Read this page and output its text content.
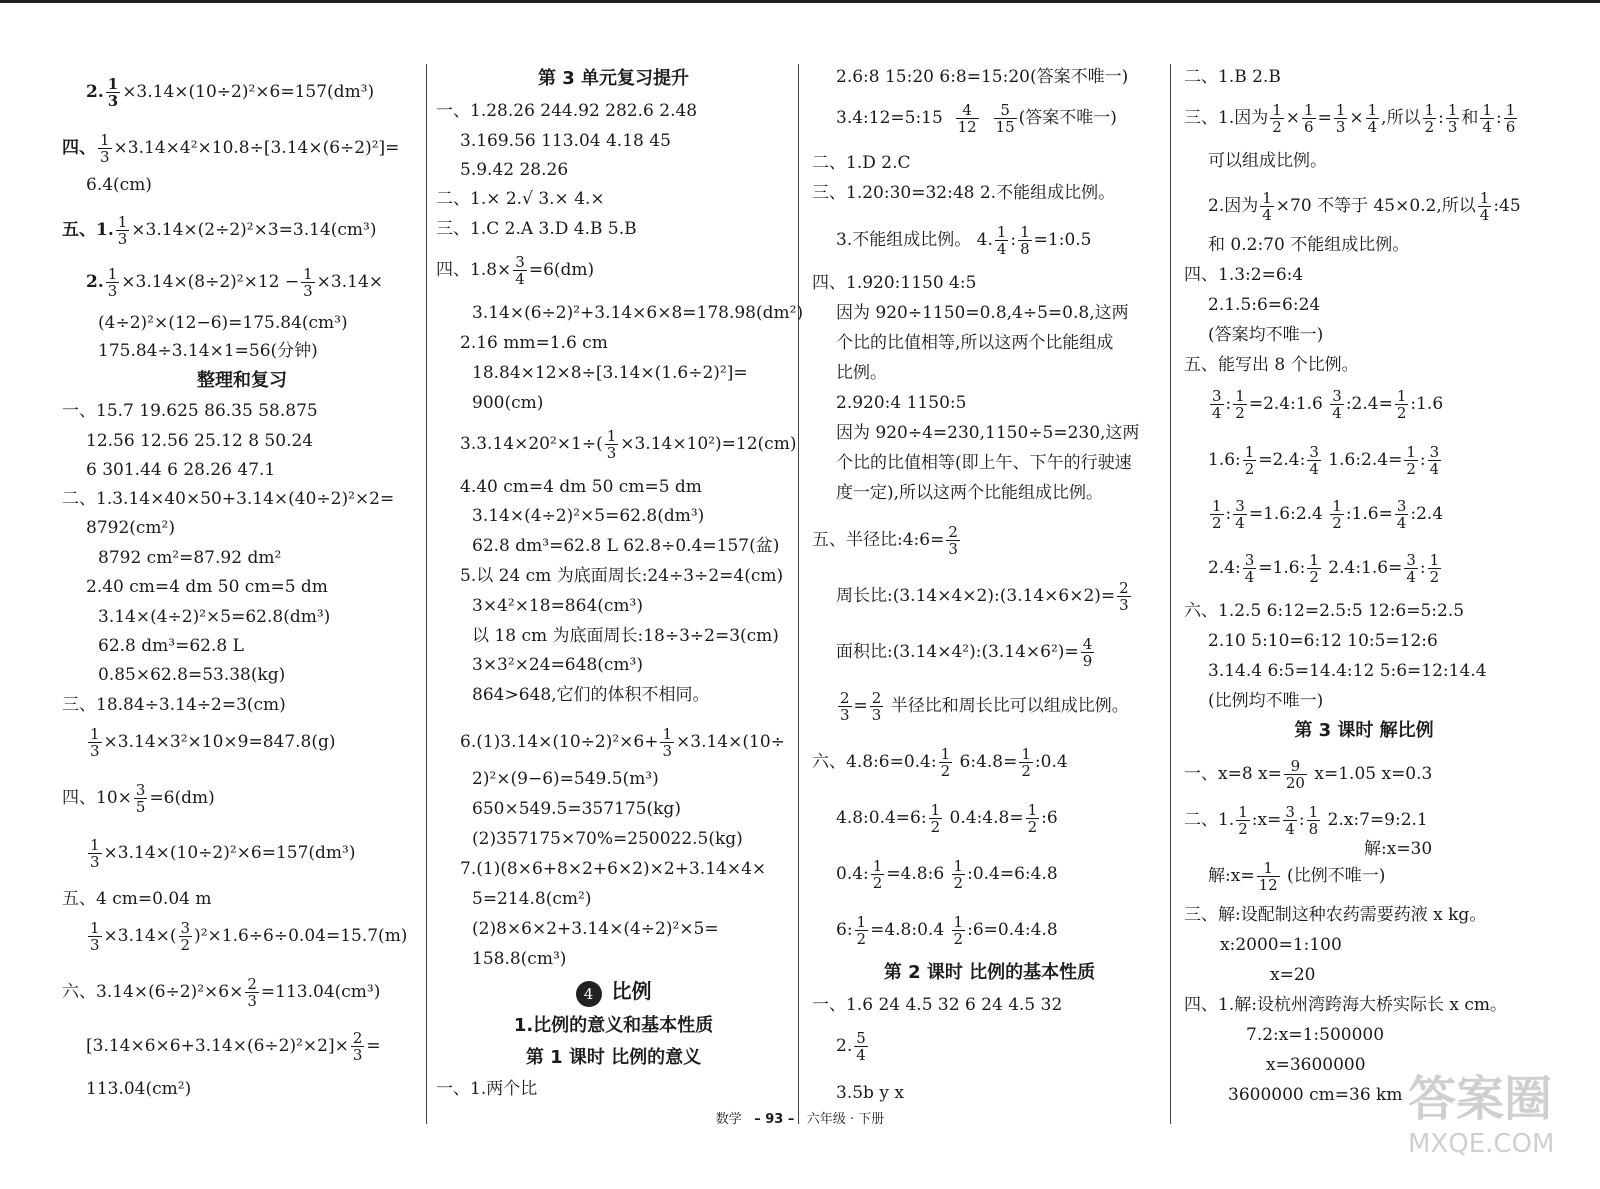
2. $\frac{1}{3} \times 3.14\times(10\div 2)^2\times 6=157(dm^3)$
四、 $\frac{1}{3} \times 3.14\times 4^2\times 10.8\div[3.14\times(6\div 2)^2]=$
6.4(cm)
五、1. $\frac{1}{3} \times 3.14\times(2\div 2)^2\times 3=3.14(cm^3)$
2. $\frac{1}{3} \times 3.14\times(8\div 2)^2\times 12 - \frac{1}{3} \times 3.14\times$
(4÷2)²×(12−6)=175.84(cm³)
175.84÷3.14×1=56(分钟)
整理和复习
一、15.7 19.625 86.35 58.875
12.56 12.56 25.12 8 50.24
6 301.44 6 28.26 47.1
二、1.3.14×40×50+3.14×(40÷2)²×2=
8792(cm²)
8792 cm²=87.92 dm²
2.40 cm=4 dm 50 cm=5 dm
3.14×(4÷2)²×5=62.8(dm³)
62.8 dm³=62.8 L
0.85×62.8=53.38(kg)
三、18.84÷3.14÷2=3(cm)
$\frac{1}{3} \times 3.14\times 3^2\times 10\times 9=847.8(g)$
四、$10\times \frac{3}{5} =6(dm)$
$\frac{1}{3} \times 3.14\times(10\div 2)^2\times 6=157(dm^3)$
五、4 cm=0.04 m
$\frac{1}{3} \times 3.14\times( \frac{3}{2} )^2\times 1.6\div 6\div 0.04=15.7(m)$
六、$3.14\times(6\div 2)^2\times 6\times \frac{2}{3} =113.04(cm^3)$
$[3.14\times 6\times 6+3.14\times(6\div 2)^2\times 2]\times \frac{2}{3}$ =
113.04(cm²)
第 3 单元复习提升
一、1.28.26 244.92 282.6 2.48
3.169.56 113.04 4.18 45
5.9.42 28.26
二、1.× 2.√ 3.× 4.×
三、1.C 2.A 3.D 4.B 5.B
四、$1.8\times \frac{3}{4} =6(dm)$
3.14×(6÷2)²+3.14×6×8=178.98(dm²)
2.16 mm=1.6 cm
18.84×12×8÷[3.14×(1.6÷2)²]=
900(cm)
$3.3.14\times 20^2\times 1\div( \frac{1}{3} \times 3.14\times 10^2)=12(cm)$
4.40 cm=4 dm 50 cm=5 dm
3.14×(4÷2)²×5=62.8(dm³)
62.8 dm³=62.8 L 62.8÷0.4=157(盆)
5.以 24 cm 为底面周长:24÷3÷2=4(cm)
3×4²×18=864(cm³)
以 18 cm 为底面周长:18÷3÷2=3(cm)
3×3²×24=648(cm³)
864>648,它们的体积不相同。
$6.(1)3.14\times(10\div 2)^2\times 6+ \frac{1}{3} \times 3.14\times(10\div$
2)²×(9−6)=549.5(m³)
650×549.5=357175(kg)
(2)357175×70%=250022.5(kg)
7.(1)(8×6+8×2+6×2)×2+3.14×4×
5=214.8(cm²)
(2)8×6×2+3.14×(4÷2)²×5=
158.8(cm³)
4 比例
1.比例的意义和基本性质
第 1 课时 比例的意义
一、1.两个比
2.6:8 15:20 6:8=15:20(答案不唯一)
3.4:12=5:15 $\frac{4}{12}$
$\frac{5}{15}$ (答案不唯一)
二、1.D 2.C
三、1.20:30=32:48 2.不能组成比例。
3.不能组成比例。 4. $\frac{1}{4}$ : $\frac{1}{8}$ =1:0.5
四、1.920:1150 4:5
因为 920÷1150=0.8,4÷5=0.8,这两
个比的比值相等,所以这两个比能组成
比例。
2.920:4 1150:5
因为 920÷4=230,1150÷5=230,这两
个比的比值相等(即上午、下午的行驶速
度一定),所以这两个比能组成比例。
五、半径比:4:6= $\frac{2}{3}$
周长比:(3.14×4×2):(3.14×6×2)= $\frac{2}{3}$
面积比:(3.14×4²):(3.14×6²)= $\frac{4}{9}$
$\frac{2}{3} = \frac{2}{3}$ 半径比和周长比可以组成比例。
六、4.8:6=0.4: $\frac{1}{2}$ 6:4.8= $\frac{1}{2}$ :0.4
4.8:0.4=6: $\frac{1}{2}$ 0.4:4.8= $\frac{1}{2}$ :6
0.4: $\frac{1}{2}$ =4.8:6 $\frac{1}{2}$ :0.4=6:4.8
6: $\frac{1}{2}$ =4.8:0.4 $\frac{1}{2}$ :6=0.4:4.8
第 2 课时 比例的基本性质
一、1.6 24 4.5 32 6 24 4.5 32
2. $\frac{5}{4}$
3.5b y x
二、1.B 2.B
三、1.因为 $\frac{1}{2} \times \frac{1}{6} = \frac{1}{3} \times \frac{1}{4}$ ,所以 $\frac{1}{2}$ : $\frac{1}{3}$ 和 $\frac{1}{4}$ : $\frac{1}{6}$
可以组成比例。
2.因为 $\frac{1}{4} \times 70$ 不等于 45×0.2,所以 $\frac{1}{4}$ :45
和 0.2:70 不能组成比例。
四、1.3:2=6:4
2.1.5:6=6:24
(答案均不唯一)
五、能写出 8 个比例。
$\frac{3}{4}$ : $\frac{1}{2}$ =2.4:1.6 $\frac{3}{4}$ :2.4= $\frac{1}{2}$ :1.6
1.6: $\frac{1}{2} =2.4$: $\frac{3}{4}$ 1.6:2.4= $\frac{1}{2}$ : $\frac{3}{4}$
$\frac{1}{2}$ : $\frac{3}{4}$ =1.6:2.4 $\frac{1}{2}$ :1.6= $\frac{3}{4}$ :2.4
2.4: $\frac{3}{4} =1.6$: $\frac{1}{2}$ 2.4:1.6= $\frac{3}{4}$ : $\frac{1}{2}$
六、1.2.5 6:12=2.5:5 12:6=5:2.5
2.10 5:10=6:12 10:5=12:6
3.14.4 6:5=14.4:12 5:6=12:14.4
(比例均不唯一)
第 3 课时 解比例
一、x=8 $x= \frac{9}{20} x=1.05$ x=0.3
二、1. $\frac{1}{2}$ :x= $\frac{3}{4}$ : $\frac{1}{8}$ 2.x:7=9:2.1
解:x=30
解:x= $\frac{1}{12}$ (比例不唯一)
三、解:设配制这种农药需要药液 x kg。
x:2000=1:100
x=20
四、1.解:设杭州湾跨海大桥实际长 x cm。
7.2:x=1:500000
x=3600000
3600000 cm=36 km
数学 – 93 – 六年级 · 下册	答案圈
MXQE.COM
